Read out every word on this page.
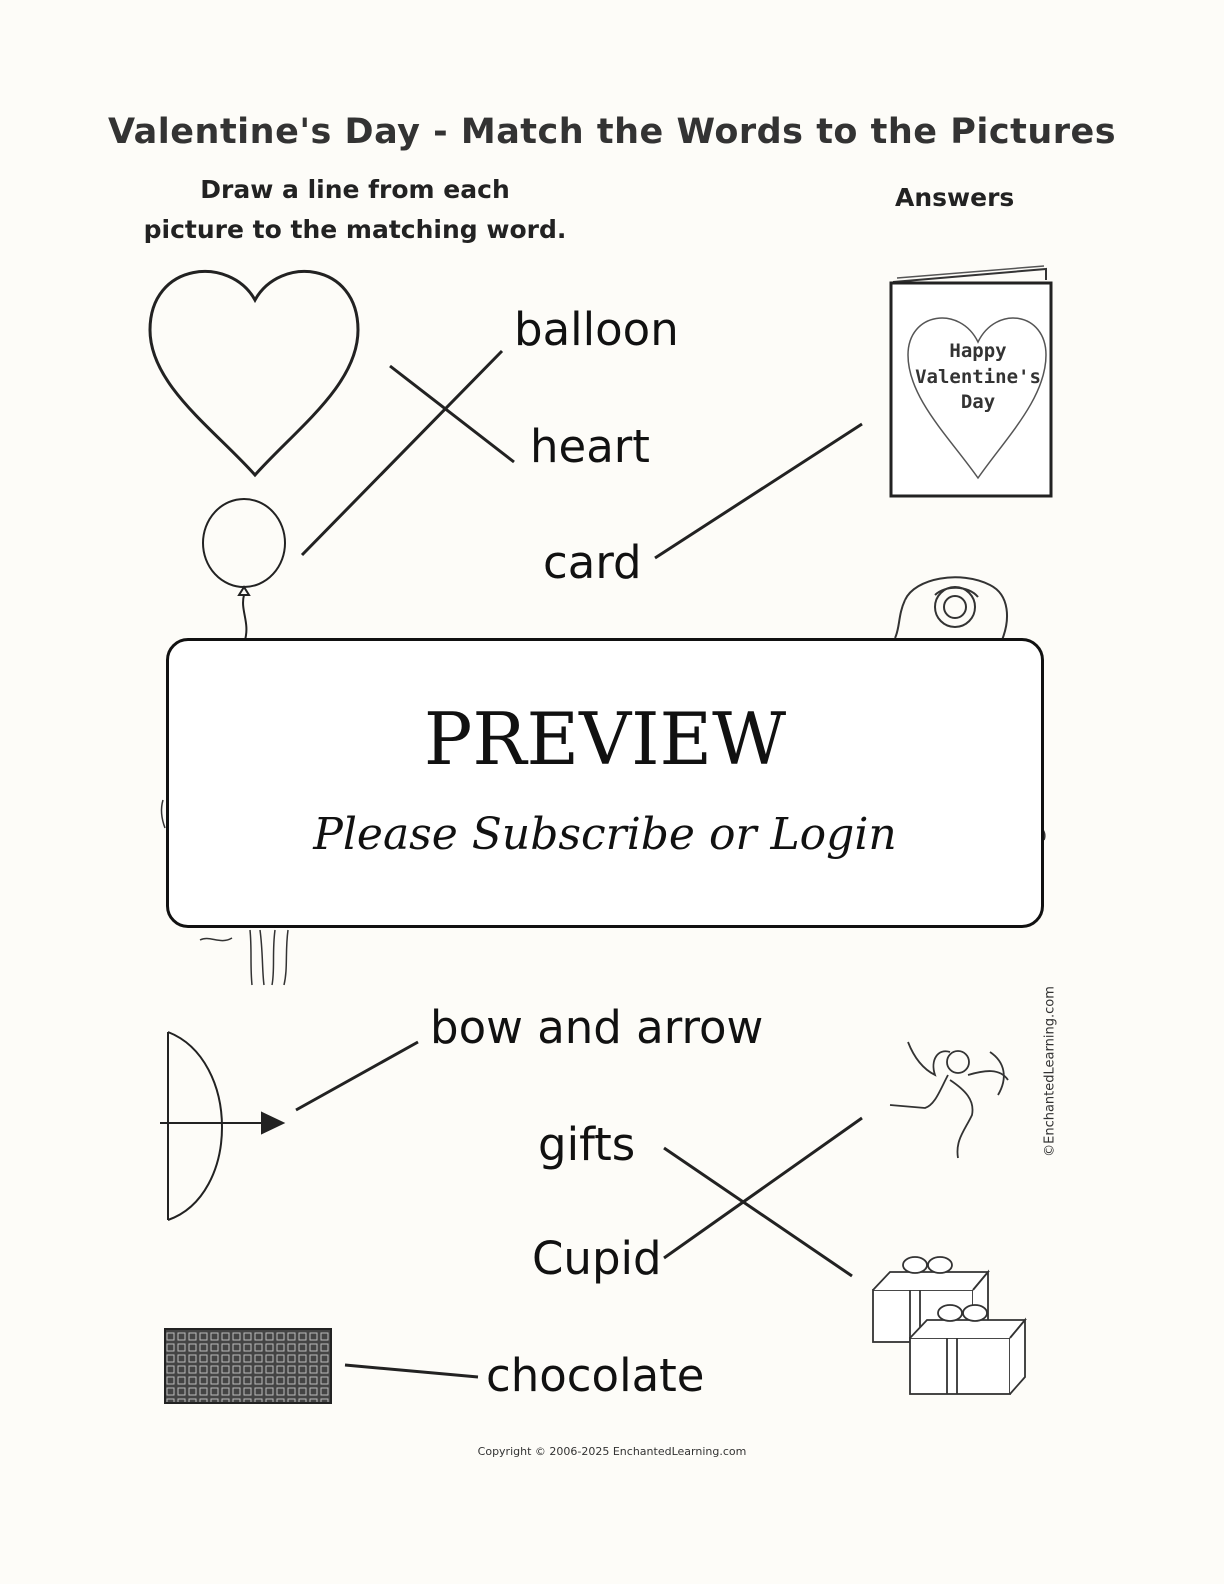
Valentine's Day - Match the Words to the Pictures
Draw a line from each
picture to the matching word.
Answers
Happy
Valentine's
Day
balloon
heart
card
bow and arrow
gifts
Cupid
chocolate
PREVIEW
Please Subscribe or Login
©EnchantedLearning.com
Copyright © 2006-2025 EnchantedLearning.com
